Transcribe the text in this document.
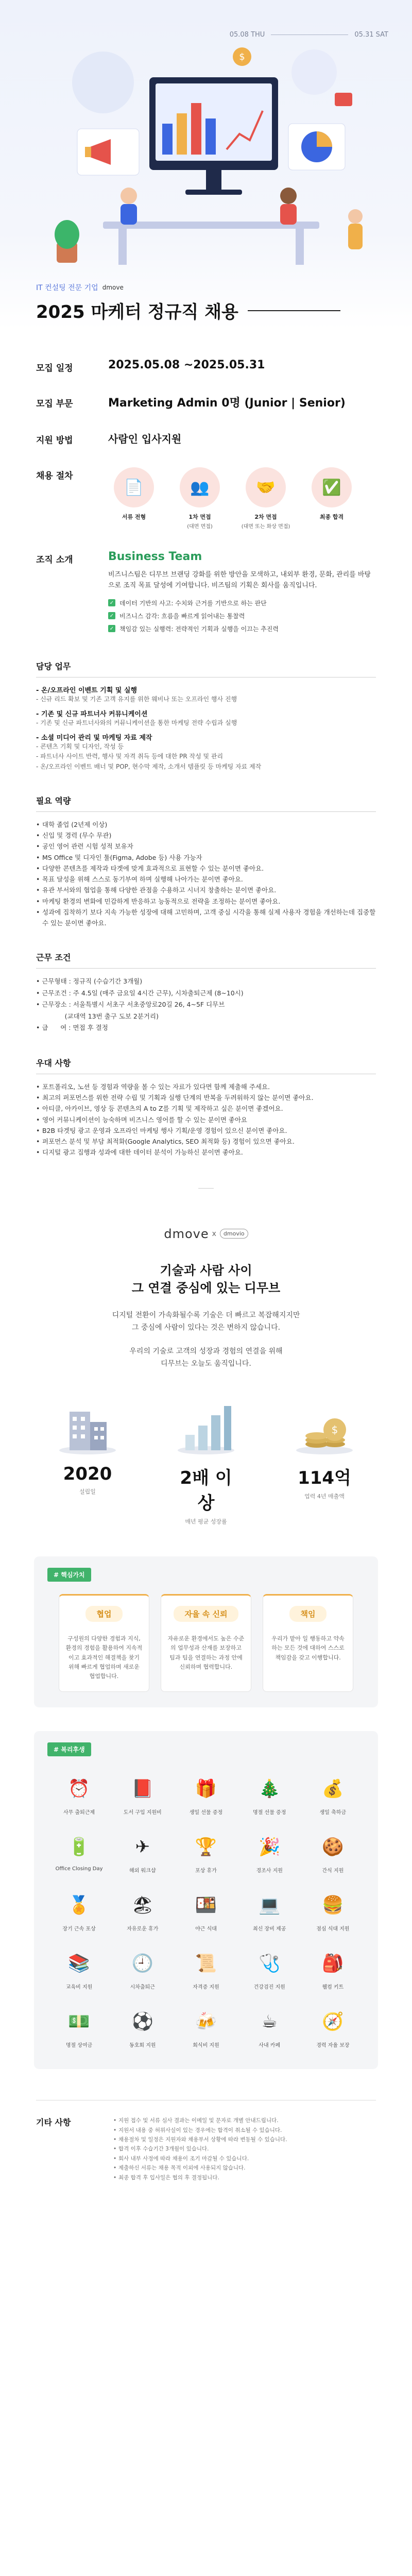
05.08 THU	05.31 SAT
$
IT 컨설팅 전문 기업 dmove
2025 마케터 정규직 채용
모집 일정	2025.05.08 ~2025.05.31
모집 부문	Marketing Admin 0명 (Junior | Senior)
지원 방법	사람인 입사지원
채용 절차
📄
서류 전형
👥
1차 면접
(대면 면접)
🤝
2차 면접
(대면 또는 화상 면접)
✅
최종 합격
조직 소개	Business Team

비즈니스팀은 디무브 브랜딩 강화를 위한 방안을 모색하고, 내외부 환경, 문화, 관리를 바탕으로 조직 목표 달성에 기여합니다. 비즈팀의 기획은 회사를 움직입니다.

✓ 데이터 기반의 사고: 수치와 근거를 기반으로 하는 판단
✓ 비즈니스 감각: 흐름을 빠르게 읽어내는 통찰력
✓ 책임감 있는 실행력: 전략적인 기획과 실행을 이끄는 추진력
담당 업무
- 온/오프라인 이벤트 기획 및 실행
- 신규 리드 확보 및 기존 고객 유지를 위한 웨비나 또는 오프라인 행사 진행
- 기존 및 신규 파트너사 커뮤니케이션
- 기존 및 신규 파트너사와의 커뮤니케이션을 통한 마케팅 전략 수립과 실행
- 소셜 미디어 관리 및 마케팅 자료 제작
- 콘텐츠 기획 및 디자인, 작성 등
- 파트너사 사이트 반력, 행사 및 자격 취득 등에 대한 PR 작성 및 관리
- 온/오프라인 이벤트 배너 및 POP, 현수막 제작, 소개서 템플릿 등 마케팅 자료 제작
필요 역량
• 대학 졸업 (2년제 이상)
• 신입 및 경력 (무수 무관)
• 공인 영어 관련 시험 성적 보유자
• MS Office 및 디자인 툴(Figma, Adobe 등) 사용 가능자
• 다양한 콘텐츠를 제작과 타겟에 맞게 효과적으로 표현할 수 있는 분이면 좋아요.
• 목표 달성을 위해 스스로 동기부여 하며 실행해 나아가는 분이면 좋아요.
• 유관 부서와의 협업을 통해 다양한 관점을 수용하고 시너지 창출하는 분이면 좋아요.
• 마케팅 환경의 변화에 민감하게 반응하고 능동적으로 전략을 조정하는 분이면 좋아요.
• 성과에 집착하기 보다 지속 가능한 성장에 대해 고민하며, 고객 중심 시각을 통해 실제 사용자 경험을 개선하는데 집중할 수 있는 분이면 좋아요.
근무 조건
• 근무형태 : 정규직 (수습기간 3개월)
• 근무조건 : 주 4.5일 (매주 금요일 4시간 근무), 시차출퇴근제 (8~10시)
• 근무장소 : 서울특별시 서초구 서초중앙로20길 26, 4~5F 디무브
(교대역 13번 출구 도보 2분거리)
• 급      여 : 면접 후 결정
우대 사항
• 포트폴리오, 노션 등 경험과 역량을 볼 수 있는 자료가 있다면 함께 제출해 주세요.
• 최고의 퍼포먼스를 위한 전략 수립 및 기획과 실행 단계의 반복을 두려워하지 않는 분이면 좋아요.
• 아티클, 아카이브, 영상 등 콘텐츠의 A to Z를 기획 및 제작하고 싶은 분이면 좋겠어요.
• 영어 커뮤니케이션이 능숙하며 비즈니스 영어를 할 수 있는 분이면 좋아요
• B2B 타겟팅 광고 운영과 오프라인 마케팅 행사 기획/운영 경험이 있으신 분이면 좋아요.
• 퍼포먼스 분석 및 부담 최적화(Google Analytics, SEO 최적화 등) 경험이 있으면 좋아요.
• 디지털 광고 집행과 성과에 대한 데이터 분석이 가능하신 분이면 좋아요.
dmove x	dmovio
기술과 사람 사이
그 연결 중심에 있는 디무브

디지털 전환이 가속화될수록 기술은 더 빠르고 복잡해지지만
그 중심에 사람이 있다는 것은 변하지 않습니다.

우리의 기술로 고객의 성장과 경험의 연결을 위해
디무브는 오늘도 움직입니다.

2020
설립일
2배 이상
매년 평균 성장률
$
114억
업력 4년 매출액
# 핵심가치
협업

구성원의 다양한 경험과 지식, 환경의 경험을 활용하여 지속적이고 효과적인 해결책을 찾기 위해 빠르게 협업하며 새로운 협업합니다.

자율 속 신뢰

자유로운 환경에서도 높은 수준의 업무성과 산재를 보장하고 팀과 팀을 연결하는 과정 안에 신뢰하며 협력합니다.

책임

우리가 맡아 일 행동하고 약속하는 모든 것에 대하여 스스로 책임감을 갖고 이행합니다.

# 복리후생
⏰
사무 출퇴근제
📕
도서 구입 지원비
🎁
생일 선물 증정
🎄
명절 선물 증정
💰
생일 축하금
🔋
Office Closing Day
✈
해외 워크샵
🏆
포상 휴가
🎉
경조사 지원
🍪
간식 지원
🏅
장기 근속 포상
🏖
자유로운 휴가
🍱
야근 식대
💻
최신 장비 제공
🍔
점심 식대 지원
📚
교육비 지원
🕘
시차출퇴근
📜
자격증 지원
🩺
건강검진 지원
🎒
웰컴 키트
💵
명절 상여금
⚽
동호회 지원
🍻
회식비 지원
☕
사내 카페
🧭
경력 자율 보장
기타 사항
•	지원 접수 및 서류 심사 결과는 이메일 및 문자로 개별 안내드립니다.
• 지원서 내용 중 허위사실이 있는 경우에는 합격이 취소될 수 있습니다.
• 채용절차 및 일정은 지원자와 채용부서 상황에 따라 변동될 수 있습니다.
• 합격 이후 수습기간 3개월이 있습니다.
• 회사 내부 사정에 따라 채용이 조기 마감될 수 있습니다.
• 제출하신 서류는 채용 목적 이외에 사용되지 않습니다.
• 최종 합격 후 입사일은 협의 후 결정됩니다.
